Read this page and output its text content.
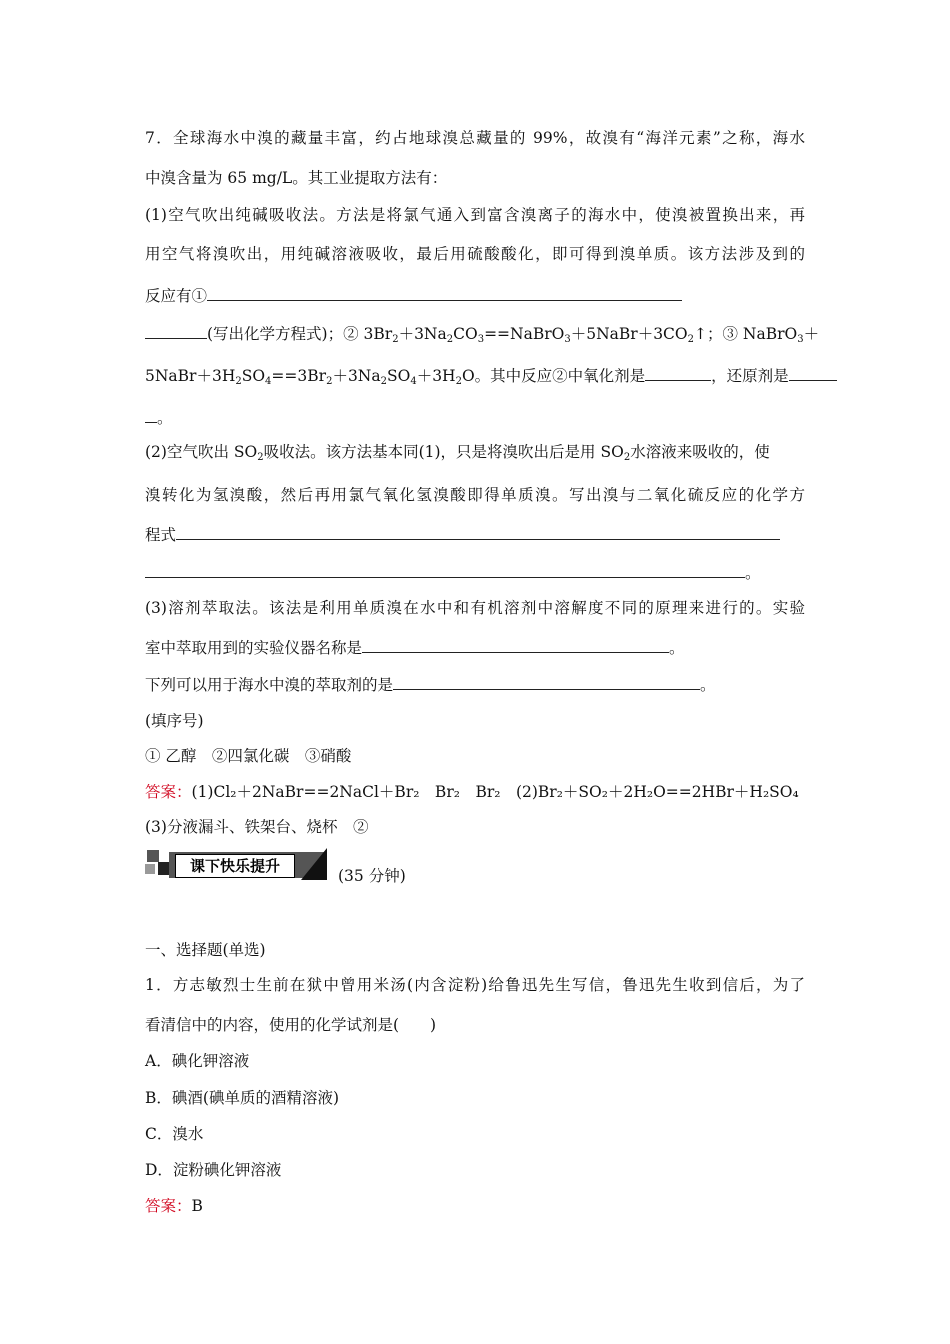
7．全球海水中溴的藏量丰富，约占地球溴总藏量的 99%，故溴有“海洋元素”之称，海水
中溴含量为 65 mg/L。其工业提取方法有：
(1)空气吹出纯碱吸收法。方法是将氯气通入到富含溴离子的海水中，使溴被置换出来，再
用空气将溴吹出，用纯碱溶液吸收，最后用硫酸酸化，即可得到溴单质。该方法涉及到的
反应有①
(写出化学方程式)；② $3Br_2+3Na_2CO_3==NaBrO_3+5NaBr+3CO_2↑$；③ NaBrO$_3$＋
$5NaBr+3H_2SO_4==3Br_2+3Na_2SO_4+3H_2O$。其中反应②中氧化剂是	，还原剂是
。
(2)空气吹出 $SO_2$吸收法。该方法基本同(1)，只是将溴吹出后是用 $SO_2$水溶液来吸收的，使
溴转化为氢溴酸，然后再用氯气氧化氢溴酸即得单质溴。写出溴与二氧化硫反应的化学方
程式
。
(3)溶剂萃取法。该法是利用单质溴在水中和有机溶剂中溶解度不同的原理来进行的。实验
室中萃取用到的实验仪器名称是	。
下列可以用于海水中溴的萃取剂的是	。
(填序号)
① 乙醇　②四氯化碳　③硝酸
答案：(1)Cl₂＋2NaBr==2NaCl＋Br₂　Br₂　Br₂　(2)Br₂＋SO₂＋2H₂O==2HBr＋H₂SO₄
(3)分液漏斗、铁架台、烧杯　②
课下快乐提升
(35 分钟)
一、选择题(单选)
1．方志敏烈士生前在狱中曾用米汤(内含淀粉)给鲁迅先生写信，鲁迅先生收到信后，为了
看清信中的内容，使用的化学试剂是(　　)
A．碘化钾溶液
B．碘酒(碘单质的酒精溶液)
C．溴水
D．淀粉碘化钾溶液
答案：B
